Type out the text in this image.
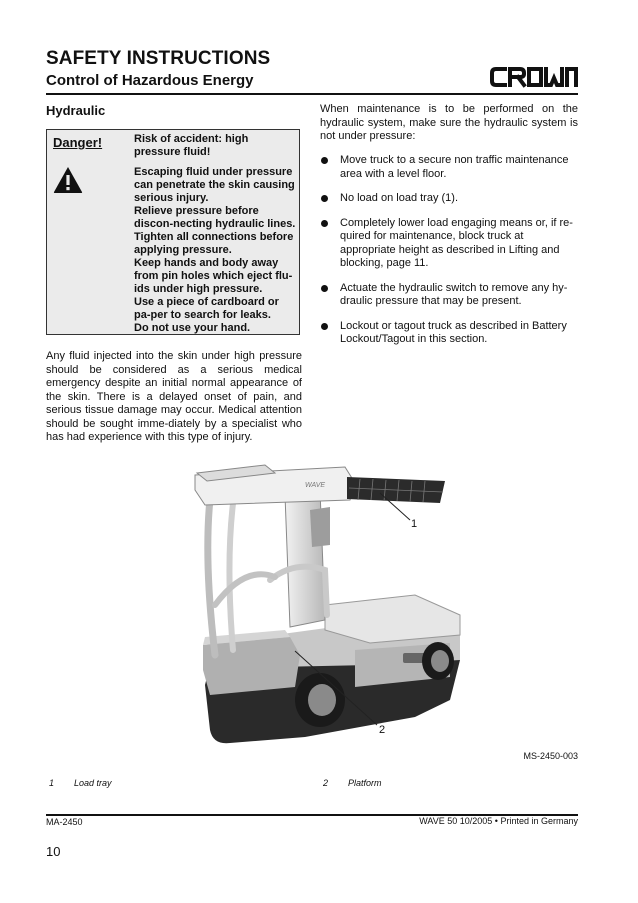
SAFETY INSTRUCTIONS
Control of Hazardous Energy
Hydraulic
Danger!	Risk of accident: high pressure fluid!

Escaping fluid under pressure can penetrate the skin causing serious injury.

Relieve pressure before discon-necting hydraulic lines.

Tighten all connections before applying pressure.

Keep hands and body away from pin holes which eject flu-ids under high pressure.

Use a piece of cardboard or pa-per to search for leaks.

Do not use your hand.

Any fluid injected into the skin under high pressure should be considered as a serious medical emergency despite an initial normal appearance of the skin. There is a delayed onset of pain, and serious tissue damage may occur. Medical attention should be sought imme-diately by a specialist who has had experience with this type of injury.

When maintenance is to be performed on the hydraulic system, make sure the hydraulic system is not under pressure:

Move truck to a secure non traffic maintenance area with a level floor.
No load on load tray (1).
Completely lower load engaging means or, if re-quired for maintenance, block truck at appropriate height as described in Lifting and blocking, page 11.
Actuate the hydraulic switch to remove any hy-draulic pressure that may be present.
Lockout or tagout truck as described in Battery Lockout/Tagout in this section.
WAVE
1
2
MS-2450-003
1 Load tray	2 Platform
MA-2450	WAVE 50 10/2005 • Printed in Germany
10
